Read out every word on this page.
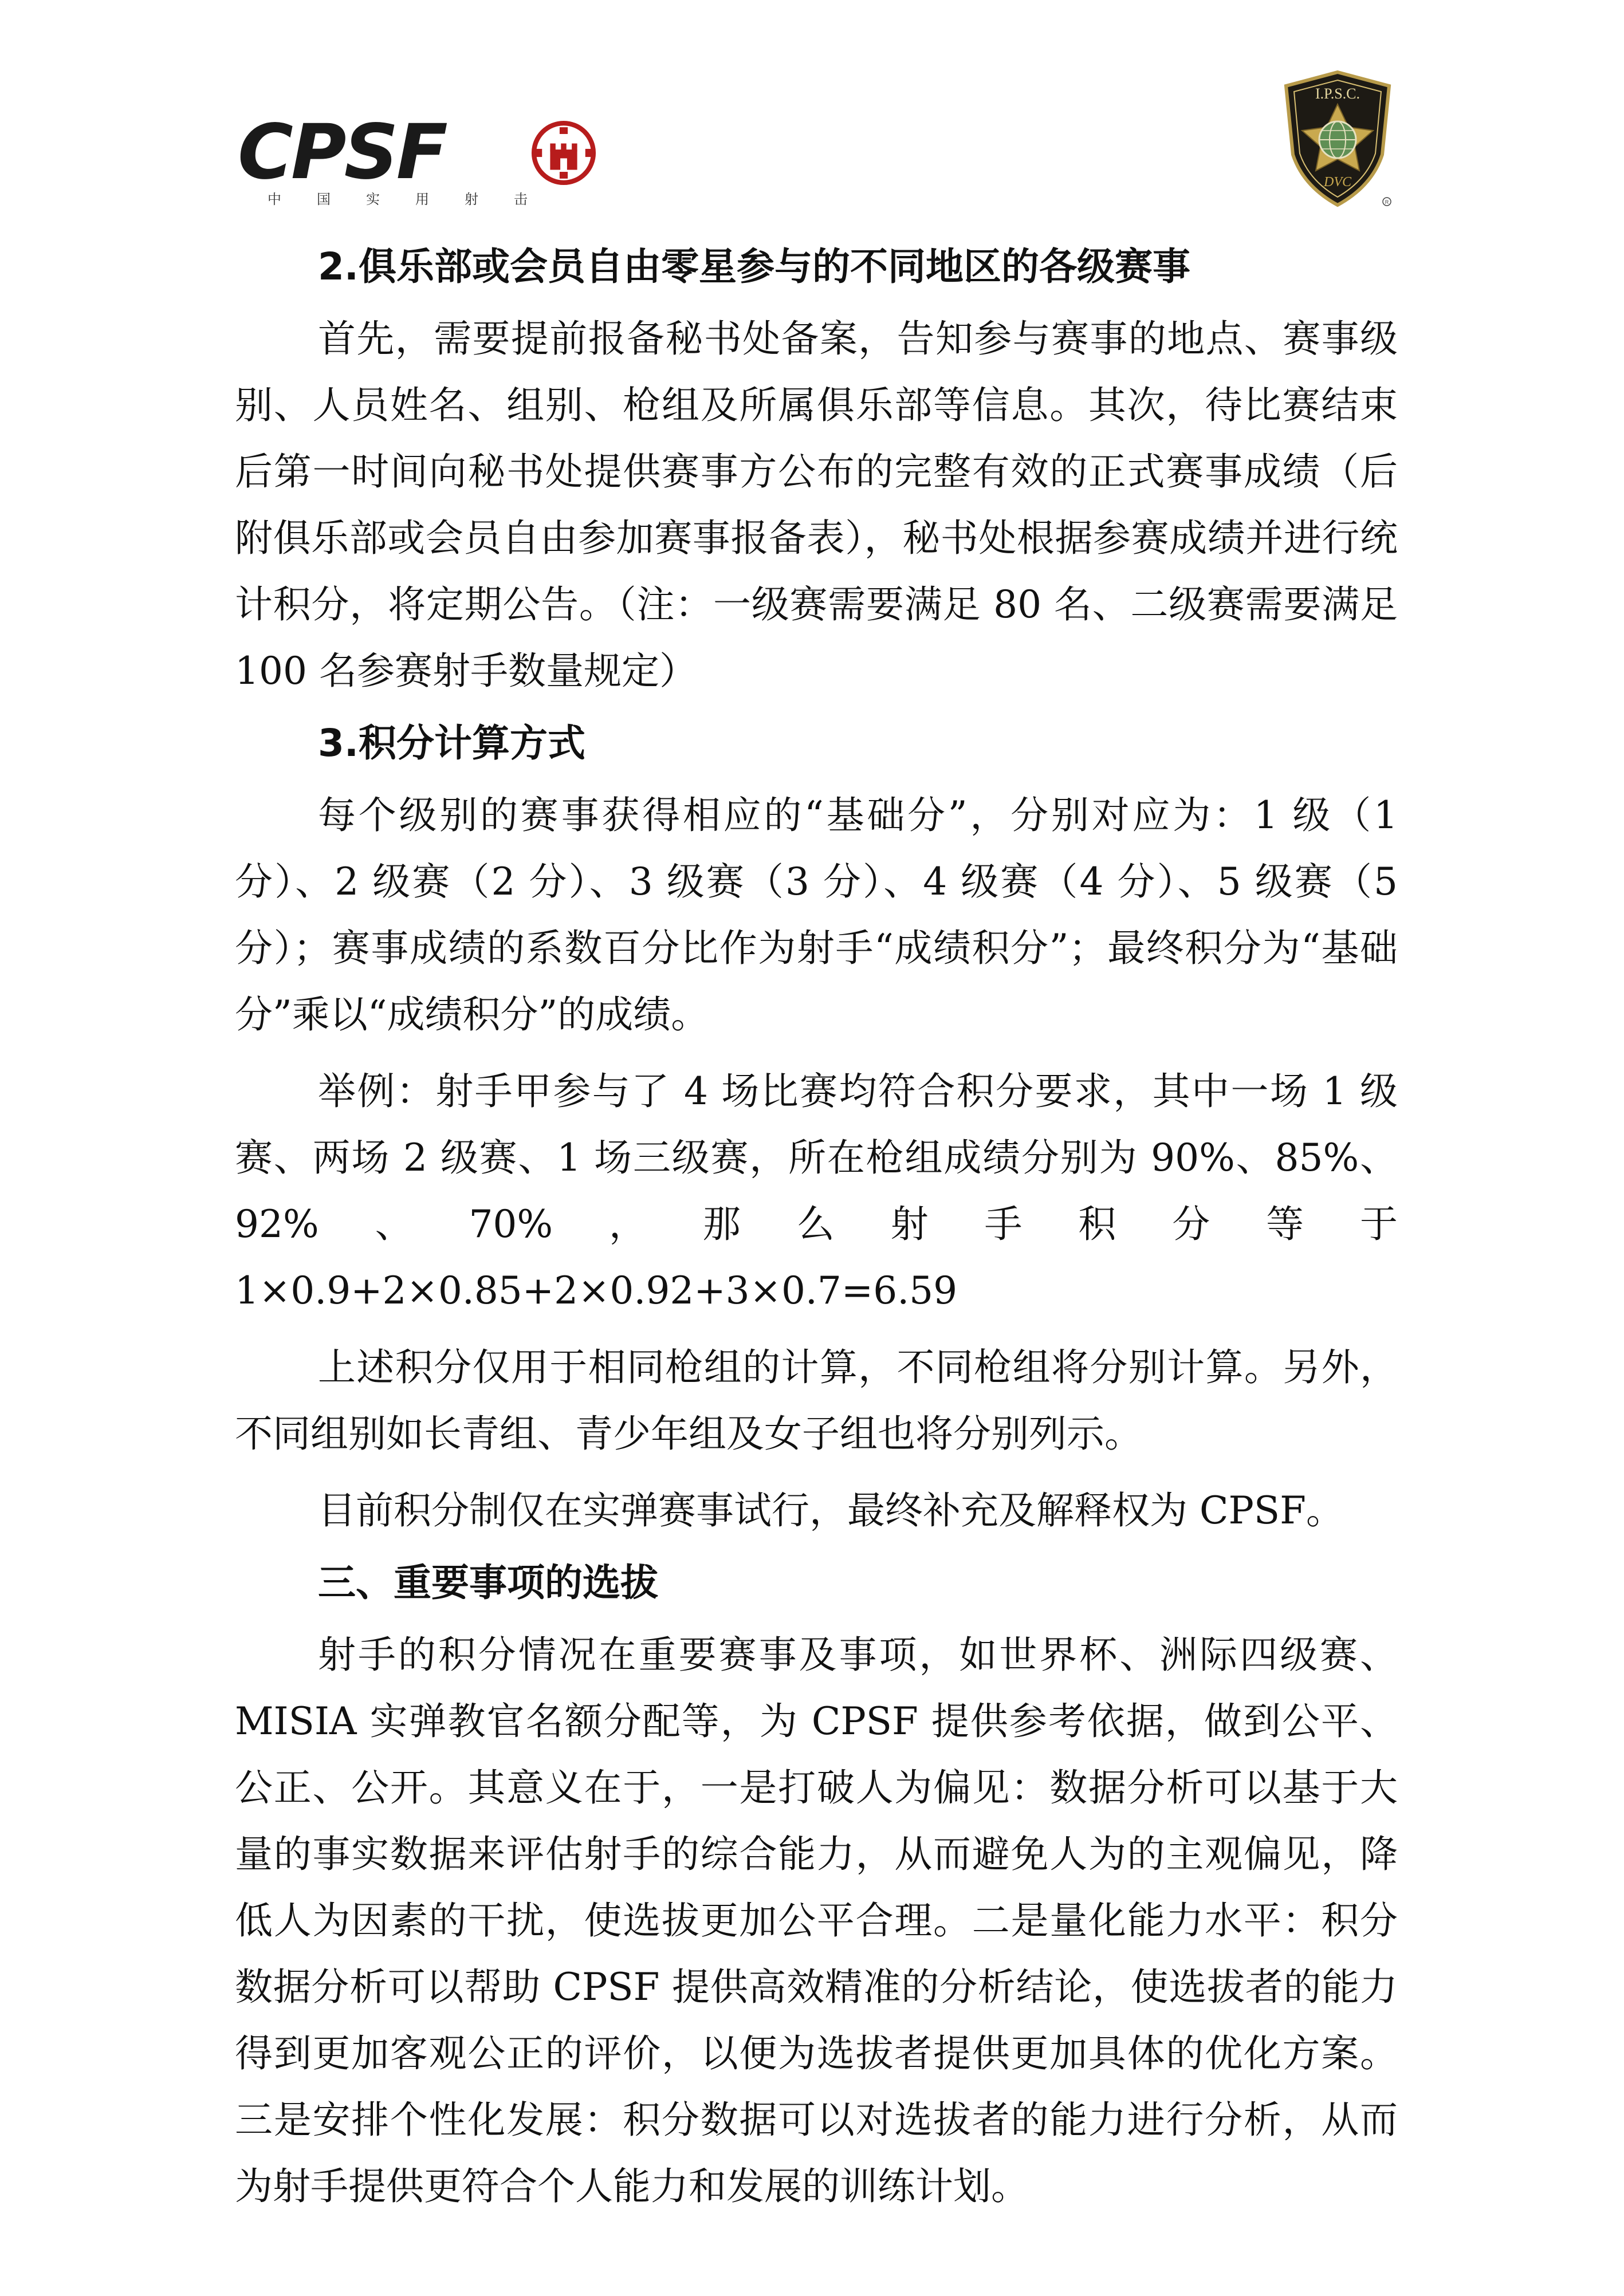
CPSF
中国实用射击
I.P.S.C.
DVC
R

2.俱乐部或会员自由零星参与的不同地区的各级赛事

首先，需要提前报备秘书处备案，告知参与赛事的地点、赛事级别、人员姓名、组别、枪组及所属俱乐部等信息。其次，待比赛结束后第一时间向秘书处提供赛事方公布的完整有效的正式赛事成绩（后附俱乐部或会员自由参加赛事报备表），秘书处根据参赛成绩并进行统计积分，将定期公告。（注：一级赛需要满足 80 名、二级赛需要满足 100 名参赛射手数量规定）

3.积分计算方式

每个级别的赛事获得相应的“基础分”，分别对应为：1 级（1 分）、2 级赛（2 分）、3 级赛（3 分）、4 级赛（4 分）、5 级赛（5 分）；赛事成绩的系数百分比作为射手“成绩积分”；最终积分为“基础分”乘以“成绩积分”的成绩。

举例：射手甲参与了 4 场比赛均符合积分要求，其中一场 1 级赛、两场 2 级赛、1 场三级赛，所在枪组成绩分别为 90%、85%、92%、70%，那么射手积分等于 1×0.9+2×0.85+2×0.92+3×0.7=6.59

上述积分仅用于相同枪组的计算，不同枪组将分别计算。另外，不同组别如长青组、青少年组及女子组也将分别列示。

目前积分制仅在实弹赛事试行，最终补充及解释权为 CPSF。

三、重要事项的选拔

射手的积分情况在重要赛事及事项，如世界杯、洲际四级赛、MISIA 实弹教官名额分配等，为 CPSF 提供参考依据，做到公平、公正、公开。其意义在于，一是打破人为偏见：数据分析可以基于大量的事实数据来评估射手的综合能力，从而避免人为的主观偏见，降低人为因素的干扰，使选拔更加公平合理。二是量化能力水平：积分数据分析可以帮助 CPSF 提供高效精准的分析结论，使选拔者的能力得到更加客观公正的评价，以便为选拔者提供更加具体的优化方案。三是安排个性化发展：积分数据可以对选拔者的能力进行分析，从而为射手提供更符合个人能力和发展的训练计划。
